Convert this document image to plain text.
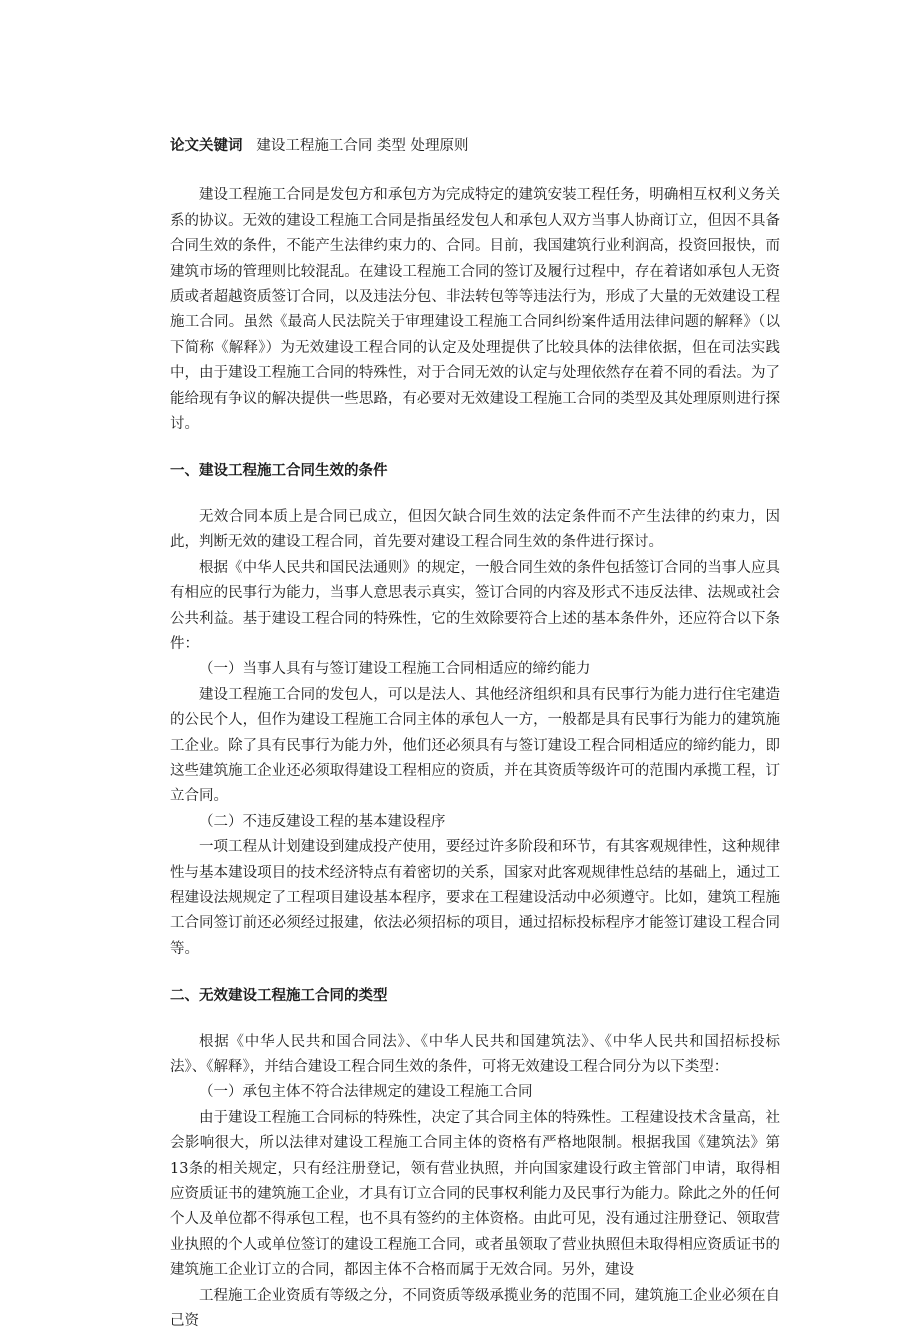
论文关键词 建设工程施工合同 类型 处理原则

建设工程施工合同是发包方和承包方为完成特定的建筑安装工程任务，明确相互权利义务关系的协议。无效的建设工程施工合同是指虽经发包人和承包人双方当事人协商订立，但因不具备合同生效的条件，不能产生法律约束力的、合同。目前，我国建筑行业利润高，投资回报快，而建筑市场的管理则比较混乱。在建设工程施工合同的签订及履行过程中，存在着诸如承包人无资质或者超越资质签订合同，以及违法分包、非法转包等等违法行为，形成了大量的无效建设工程施工合同。虽然《最高人民法院关于审理建设工程施工合同纠纷案件适用法律问题的解释》（以下简称《解释》）为无效建设工程合同的认定及处理提供了比较具体的法律依据，但在司法实践中，由于建设工程施工合同的特殊性，对于合同无效的认定与处理依然存在着不同的看法。为了能给现有争议的解决提供一些思路，有必要对无效建设工程施工合同的类型及其处理原则进行探讨。

一、建设工程施工合同生效的条件

无效合同本质上是合同已成立，但因欠缺合同生效的法定条件而不产生法律的约束力，因此，判断无效的建设工程合同，首先要对建设工程合同生效的条件进行探讨。

根据《中华人民共和国民法通则》的规定，一般合同生效的条件包括签订合同的当事人应具有相应的民事行为能力，当事人意思表示真实，签订合同的内容及形式不违反法律、法规或社会公共利益。基于建设工程合同的特殊性，它的生效除要符合上述的基本条件外，还应符合以下条件：

（一）当事人具有与签订建设工程施工合同相适应的缔约能力

建设工程施工合同的发包人，可以是法人、其他经济组织和具有民事行为能力进行住宅建造的公民个人，但作为建设工程施工合同主体的承包人一方，一般都是具有民事行为能力的建筑施工企业。除了具有民事行为能力外，他们还必须具有与签订建设工程合同相适应的缔约能力，即这些建筑施工企业还必须取得建设工程相应的资质，并在其资质等级许可的范围内承揽工程，订立合同。

（二）不违反建设工程的基本建设程序

一项工程从计划建设到建成投产使用，要经过许多阶段和环节，有其客观规律性，这种规律性与基本建设项目的技术经济特点有着密切的关系，国家对此客观规律性总结的基础上，通过工程建设法规规定了工程项目建设基本程序，要求在工程建设活动中必须遵守。比如，建筑工程施工合同签订前还必须经过报建，依法必须招标的项目，通过招标投标程序才能签订建设工程合同等。

二、无效建设工程施工合同的类型

根据《中华人民共和国合同法》、《中华人民共和国建筑法》、《中华人民共和国招标投标法》、《解释》，并结合建设工程合同生效的条件，可将无效建设工程合同分为以下类型：

（一）承包主体不符合法律规定的建设工程施工合同

由于建设工程施工合同标的特殊性，决定了其合同主体的特殊性。工程建设技术含量高，社会影响很大，所以法律对建设工程施工合同主体的资格有严格地限制。根据我国《建筑法》第13条的相关规定，只有经注册登记，领有营业执照，并向国家建设行政主管部门申请，取得相应资质证书的建筑施工企业，才具有订立合同的民事权利能力及民事行为能力。除此之外的任何个人及单位都不得承包工程，也不具有签约的主体资格。由此可见，没有通过注册登记、领取营业执照的个人或单位签订的建设工程施工合同，或者虽领取了营业执照但未取得相应资质证书的建筑施工企业订立的合同，都因主体不合格而属于无效合同。另外，建设

工程施工企业资质有等级之分，不同资质等级承揽业务的范围不同，建筑施工企业必须在自己资
